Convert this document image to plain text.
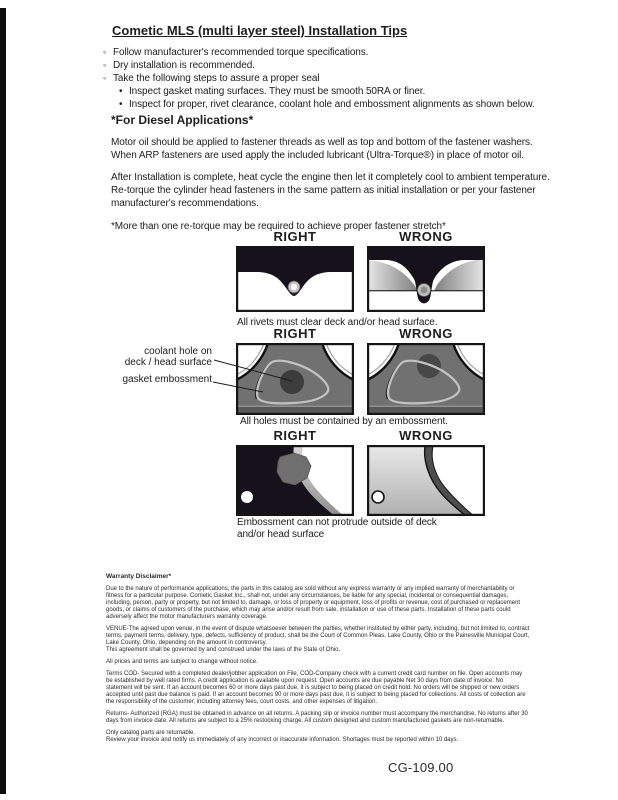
Cometic MLS (multi layer steel) Installation Tips
◦ Follow manufacturer's recommended torque specifications.
◦ Dry installation is recommended.
◦ Take the following steps to assure a proper seal
• Inspect gasket mating surfaces. They must be smooth 50RA or finer.
• Inspect for proper, rivet clearance, coolant hole and embossment alignments as shown below.
*For Diesel Applications*

Motor oil should be applied to fastener threads as well as top and bottom of the fastener washers. When ARP fasteners are used apply the included lubricant (Ultra-Torque®) in place of motor oil.

After Installation is complete, heat cycle the engine then let it completely cool to ambient temperature. Re-torque the cylinder head fasteners in the same pattern as initial installation or per your fastener manufacturer's recommendations.

*More than one re-torque may be required to achieve proper fastener stretch*

RIGHT	WRONG
All rivets must clear deck and/or head surface.
RIGHT	WRONG
coolant hole on
deck / head surface
gasket embossment
All holes must be contained by an embossment.
RIGHT	WRONG
Embossment can not protrude outside of deck
and/or head surface
Warranty Disclaimer*

Due to the nature of performance applications, the parts in this catalog are sold without any express warranty or any implied warranty of merchantability or fitness for a particular purpose. Cometic Gasket Inc., shall not, under any circumstances, be liable for any special, incidental or consequential damages, including, person, party or property, but not limited to, damage, or loss of property or equipment, loss of profits or revenue, cost of purchased or replacement goods, or claims of customers of the purchase, which may arise and/or result from sale, installation or use of these parts. Installation of these parts could adversely affect the motor manufacturers warranty coverage.

VENUE-The agreed upon venue, in the event of dispute whatsoever between the parties, whether instituted by either party, including, but not limited to, contract terms, payment terms, delivery, type, defects, sufficiency of product, shall be the Court of Common Pleas, Lake County, Ohio or the Painesville Municipal Court, Lake County, Ohio, depending on the amount in controversy.

This agreement shall be governed by and construed under the laws of the State of Ohio.

All prices and terms are subject to change without notice.

Terms COD- Secured with a completed dealer/jobber application on File, COD-Company check with a current credit card number on file. Open accounts may be established by well rated firms. A credit application is available upon request. Open accounts are due payable Net 30 days from date of invoice. No statement will be sent. If an account becomes 60 or more days past due, it is subject to being placed on credit hold. No orders will be shipped or new orders accepted until past due balance is paid. If an account becomes 90 or more days past due, it is subject to being placed for collections. All costs of collection are the responsibility of the customer, including attorney fees, court costs, and other expenses of litigation.

Returns- Authorized (RGA) must be obtained in advance on all returns. A packing slip or invoice number must accompany the merchandise. No returns after 30 days from invoice date. All returns are subject to a 25% restocking charge. All custom designed and custom manufactured gaskets are non-returnable.

Only catalog parts are returnable.

Review your invoice and notify us immediately of any incorrect or inaccurate information. Shortages must be reported within 10 days.

CG-109.00
